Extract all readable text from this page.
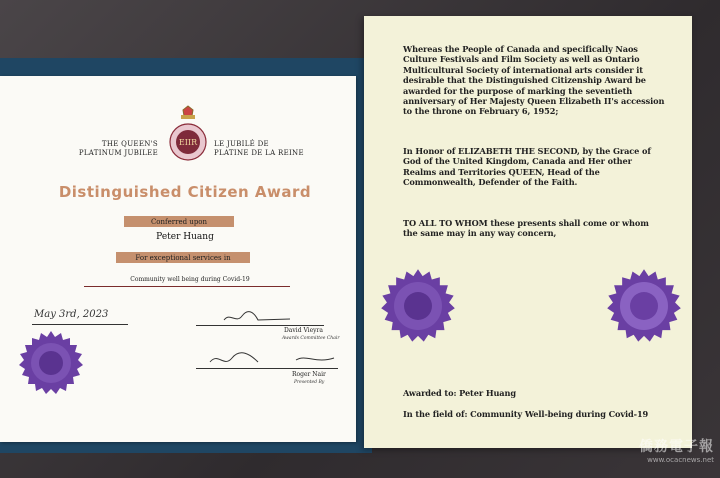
EIIR
THE QUEEN'S PLATINUM JUBILEE
LE JUBILÉ DE PLATINE DE LA REINE
Distinguished Citizen Award
Conferred upon
Peter Huang
For exceptional services in
Community well being during Covid-19
May 3rd, 2023
David Vieyra
Awards Committee Chair
Roger Nair
Presented By
Whereas the People of Canada and specifically Naos Culture Festivals and Film Society as well as Ontario Multicultural Society of international arts consider it desirable that the Distinguished Citizenship Award be awarded for the purpose of marking the seventieth anniversary of Her Majesty Queen Elizabeth II's accession to the throne on February 6, 1952;
In Honor of ELIZABETH THE SECOND, by the Grace of God of the United Kingdom, Canada and Her other Realms and Territories QUEEN, Head of the Commonwealth, Defender of the Faith.
TO ALL TO WHOM these presents shall come or whom the same may in any way concern,
Awarded to: Peter Huang
In the field of: Community Well-being during Covid-19
僑務電子報
www.ocacnews.net
